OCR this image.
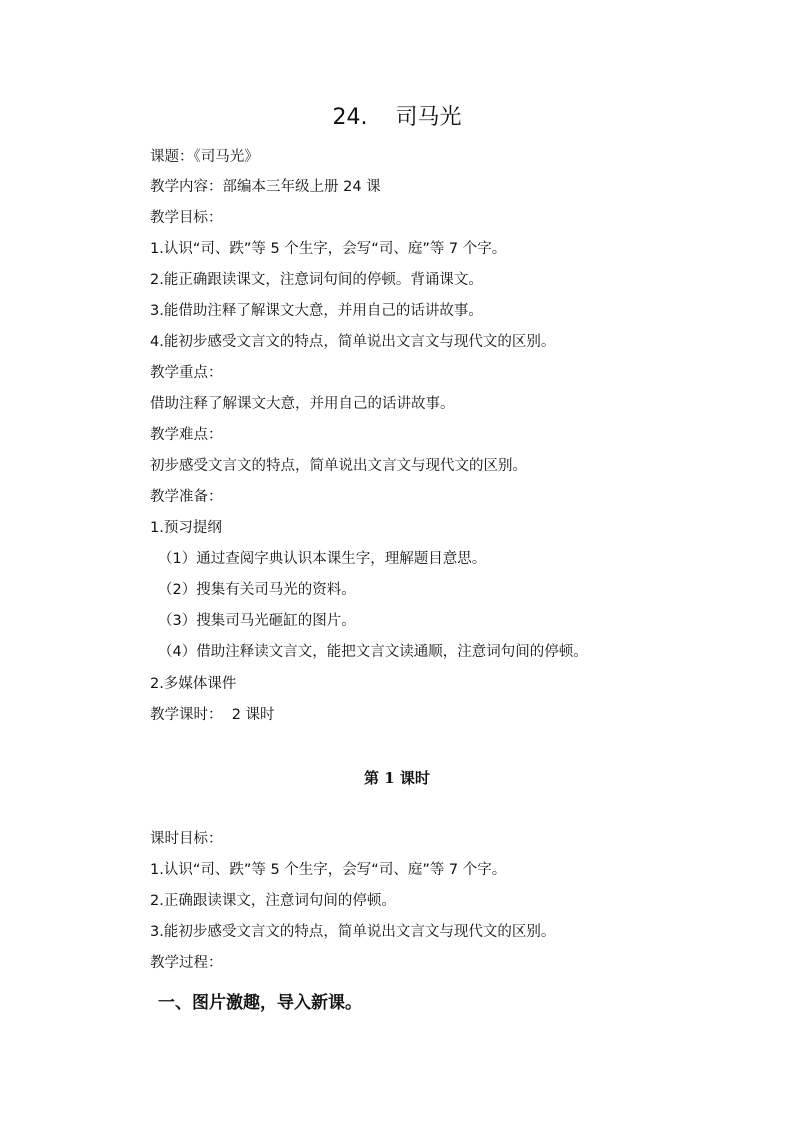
24.    司马光
课题：《司马光》
教学内容：部编本三年级上册 24 课
教学目标：
1.认识“司、跌”等 5 个生字，会写“司、庭”等 7 个字。
2.能正确跟读课文，注意词句间的停顿。背诵课文。
3.能借助注释了解课文大意，并用自己的话讲故事。
4.能初步感受文言文的特点，简单说出文言文与现代文的区别。
教学重点：
借助注释了解课文大意，并用自己的话讲故事。
教学难点：
初步感受文言文的特点，简单说出文言文与现代文的区别。
教学准备：
1.预习提纲
（1）通过查阅字典认识本课生字，理解题目意思。
（2）搜集有关司马光的资料。
（3）搜集司马光砸缸的图片。
（4）借助注释读文言文，能把文言文读通顺，注意词句间的停顿。
2.多媒体课件
教学课时：  2 课时
第 1 课时
课时目标：
1.认识“司、跌”等 5 个生字，会写“司、庭”等 7 个字。
2.正确跟读课文，注意词句间的停顿。
3.能初步感受文言文的特点，简单说出文言文与现代文的区别。
教学过程：
一、图片激趣，导入新课。
